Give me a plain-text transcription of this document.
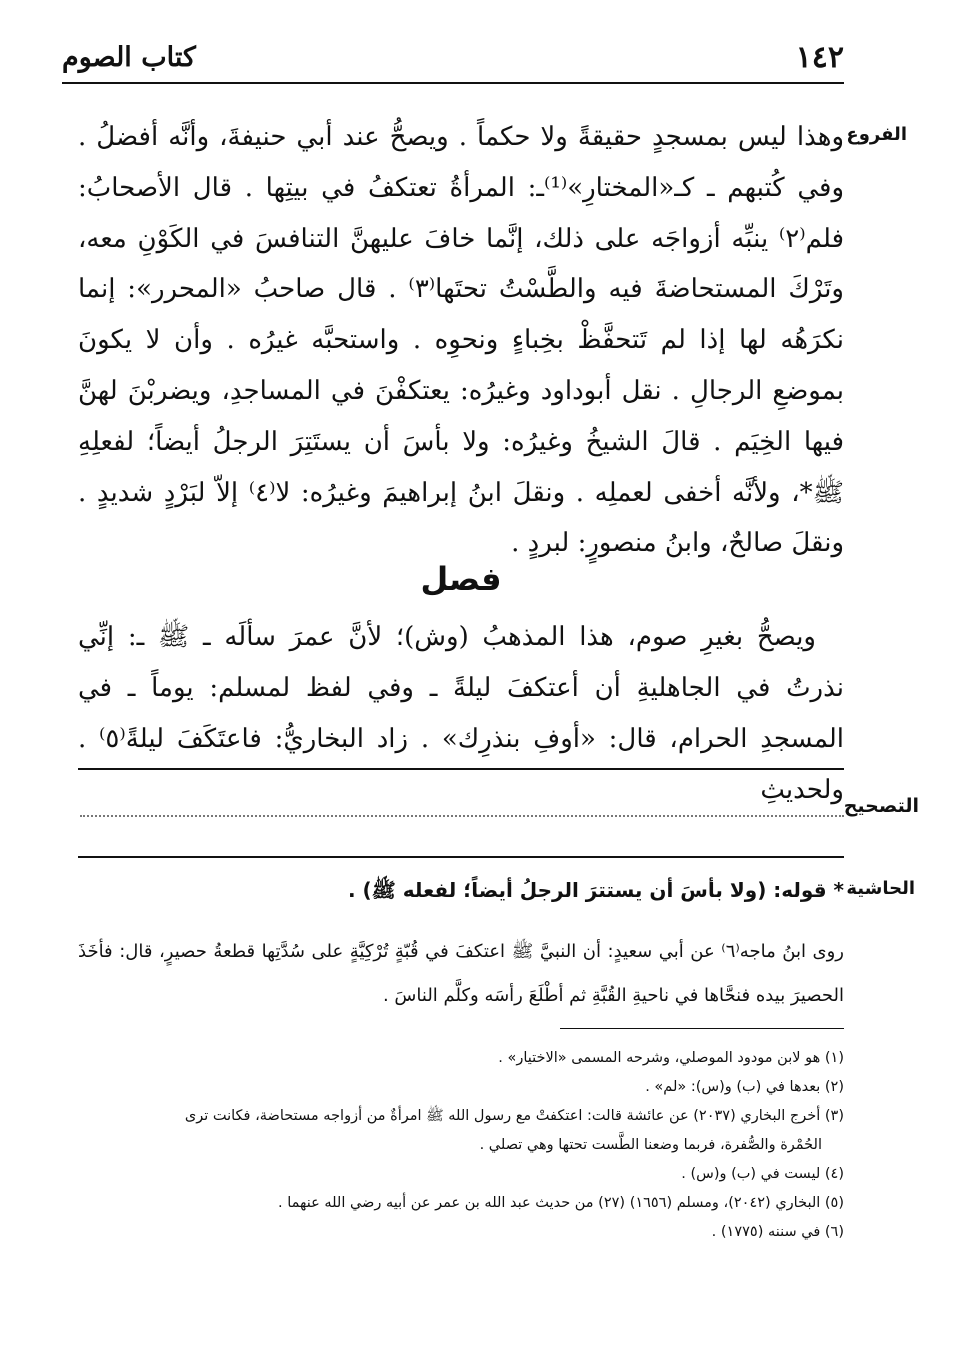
١٤٢
كتاب الصوم
الفروع

وهذا ليس بمسجدٍ حقيقةً ولا حكماً . ويصحُّ عند أبي حنيفةَ، وأنَّه أفضلُ . وفي كُتبهم ـ كـ«المختارِ»⁽¹⁾ـ: المرأةُ تعتكفُ في بيتِها . قال الأصحابُ: فلم⁽٢⁾ ينبِّه أزواجَه على ذلك، إنَّما خافَ عليهنَّ التنافسَ في الكَوْنِ معه، وتَرْكَ المستحاضةَ فيه والطَّسْتُ تحتَها⁽٣⁾ . قال صاحبُ «المحرر»: إنما نكرَهُه لها إذا لم تَتحفَّظْ بخِباءٍ ونحوِه . واستحبَّه غيرُه . وأن لا يكونَ بموضعِ الرجالِ . نقل أبوداود وغيرُه: يعتكفْنَ في المساجدِ، ويضربْنَ لهنَّ فيها الخِيَم . قالَ الشيخُ وغيرُه: ولا بأسَ أن يستَتِرَ الرجلُ أيضاً؛ لفعلِهِ ﷺ*، ولأنَّه أخفى لعملِه . ونقلَ ابنُ إبراهيمَ وغيرُه: لا⁽٤⁾ إلاّ لبَرْدٍ شديدٍ . ونقلَ صالحٌ، وابنُ منصورٍ: لبردٍ .

فصل
ويصحُّ بغيرِ صوم، هذا المذهبُ (وش)؛ لأنَّ عمرَ سألَه ـ ﷺ ـ: إنِّي نذرتُ في الجاهليةِ أن أعتكفَ ليلةً ـ وفي لفظ لمسلم: يوماً ـ في المسجدِ الحرام، قال: «أوفِ بنذرِك» . زاد البخاريُّ: فاعتَكَفَ ليلةً⁽٥⁾ . ولحديثِ
التصحيح
الحاشية
* قوله: (ولا بأسَ أن يستترَ الرجلُ أيضاً؛ لفعله ﷺ) .
روى ابنُ ماجه⁽٦⁾ عن أبي سعيدٍ: أن النبيَّ ﷺ اعتكفَ في قُبّةٍ تُرْكِيَّةٍ على سُدَّتِها قطعةُ حصيرٍ، قال: فأخَذَ الحصيرَ بيده فنحَّاها في ناحيةِ القُبَّةِ ثم أطْلَعَ رأسَه وكلَّم الناسَ .

(١) هو لابن مودود الموصلي، وشرحه المسمى «الاختيار» .

(٢) بعدها في (ب) و(س): «لم» .

(٣) أخرج البخاري (٢٠٣٧) عن عائشة قالت: اعتكفتْ مع رسول الله ﷺ امرأةٌ من أزواجه مستحاضة، فكانت ترى

الحُمْرة والصُّفرة، فربما وضعنا الطَّست تحتها وهي تصلي .

(٤) ليست في (ب) و(س) .

(٥) البخاري (٢٠٤٢)، ومسلم (١٦٥٦) (٢٧) من حديث عبد الله بن عمر عن أبيه رضي الله عنهما .

(٦) في سننه (١٧٧٥) .
